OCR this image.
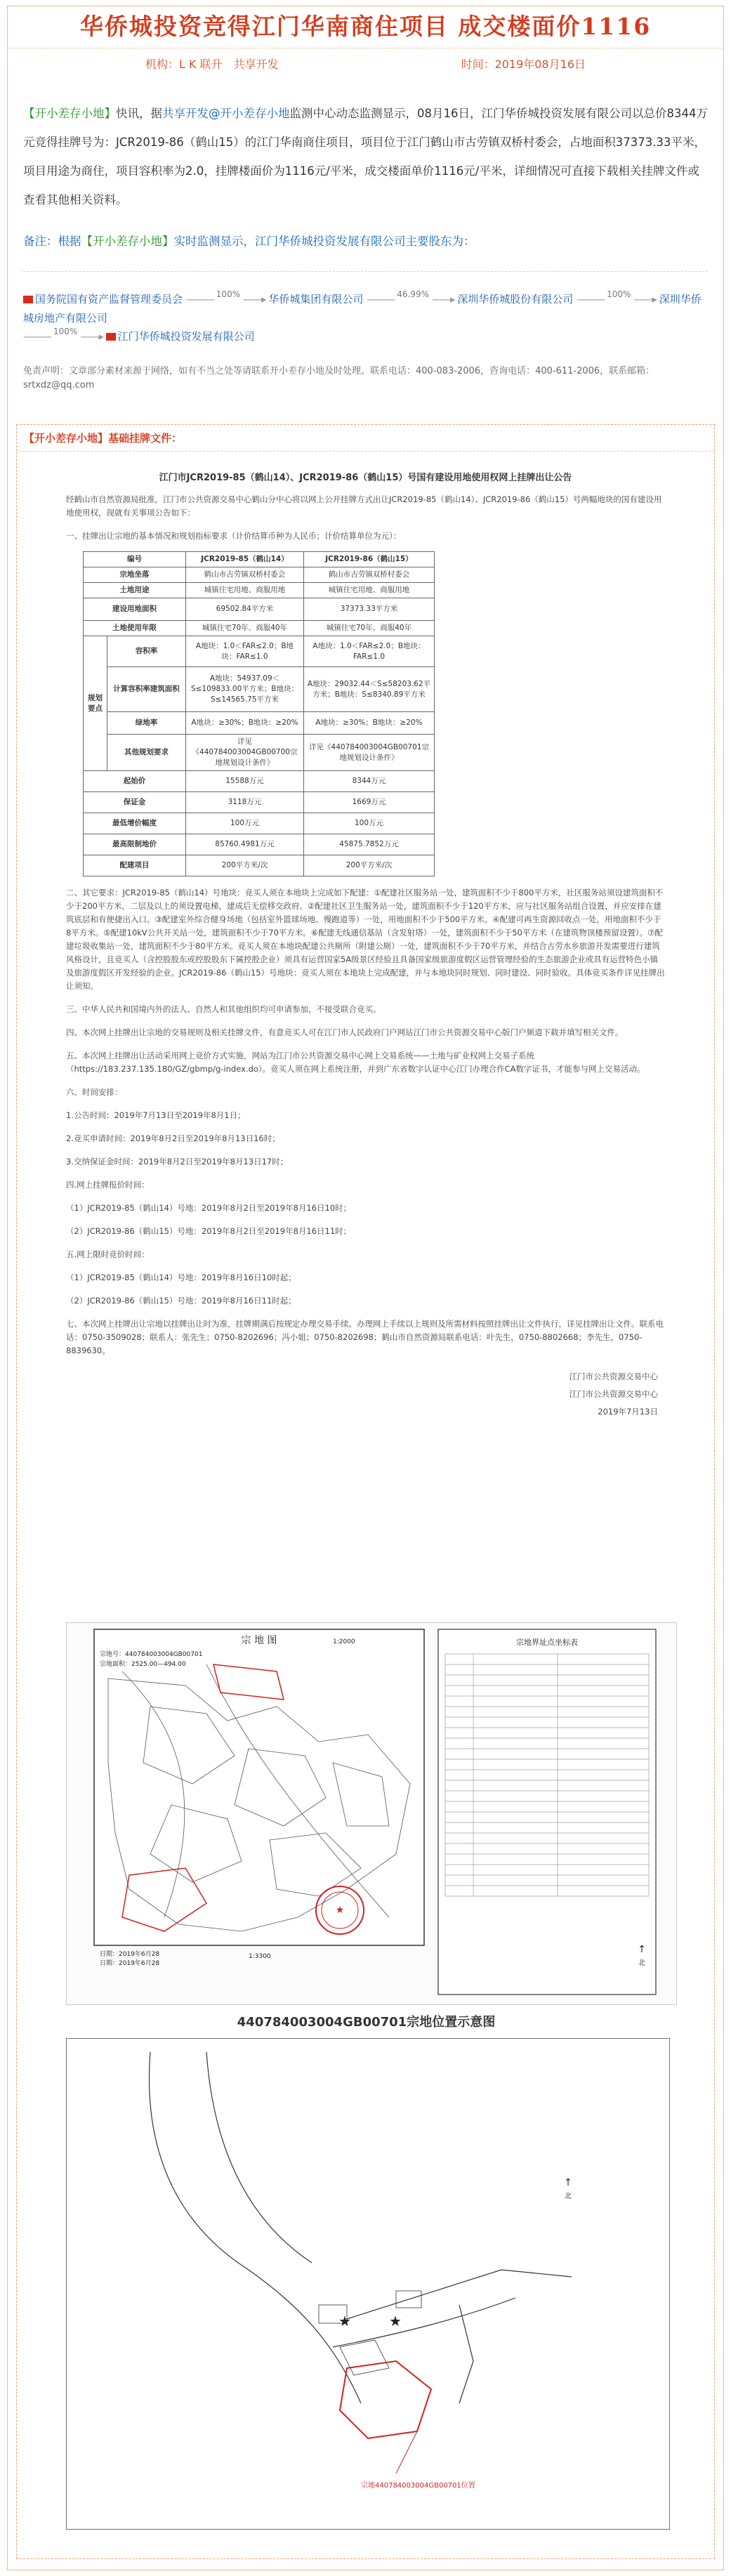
华侨城投资竞得江门华南商住项目 成交楼面价1116
机构：L K 联升　共享开发	时间：2019年08月16日
【开小差存小地】快讯，据共享开发@开小差存小地监测中心动态监测显示，08月16日，江门华侨城投资发展有限公司以总价8344万元竞得挂牌号为：JCR2019-86（鹤山15）的江门华南商住项目，项目位于江门鹤山市古劳镇双桥村委会，占地面积37373.33平米，项目用途为商住，项目容积率为2.0，挂牌楼面价为1116元/平米，成交楼面单价1116元/平米，详细情况可直接下载相关挂牌文件或查看其他相关资料。
备注：根据【开小差存小地】实时监测显示，江门华侨城投资发展有限公司主要股东为：
国务院国有资产监督管理委员会 ——— 100% ——▸ 华侨城集团有限公司 ——— 46.99% ——▸ 深圳华侨城股份有限公司 ——— 100% ——▸ 深圳华侨城房地产有限公司
——— 100% ——▸ 江门华侨城投资发展有限公司
免责声明：文章部分素材来源于网络，如有不当之处等请联系开小差存小地及时处理。联系电话：400-083-2006，咨询电话：400-611-2006，联系邮箱：srtxdz@qq.com
【开小差存小地】基础挂牌文件：
江门市JCR2019-85（鹤山14）、JCR2019-86（鹤山15）号国有建设用地使用权网上挂牌出让公告
经鹤山市自然资源局批准，江门市公共资源交易中心鹤山分中心将以网上公开挂牌方式出让JCR2019-85（鹤山14）、JCR2019-86（鹤山15）号两幅地块的国有建设用地使用权，现就有关事项公告如下：
一、挂牌出让宗地的基本情况和规划指标要求（计价结算币种为人民币；计价结算单位为元）：
编号		JCR2019-85（鹤山14）	JCR2019-86（鹤山15）
宗地坐落		鹤山市古劳镇双桥村委会	鹤山市古劳镇双桥村委会
土地用途		城镇住宅用地、商服用地	城镇住宅用地、商服用地
建设用地面积		69502.84平方米	37373.33平方米
土地使用年限		城镇住宅70年、商服40年	城镇住宅70年、商服40年
规划要点	容积率	A地块：1.0＜FAR≤2.0；B地块：FAR≤1.0	A地块：1.0＜FAR≤2.0；B地块：FAR≤1.0
	计算容积率建筑面积	A地块：54937.09＜S≤109833.00平方米；B地块：S≤14565.75平方米	A地块：29032.44＜S≤58203.62平方米；B地块：S≤8340.89平方米
	绿地率	A地块：≥30%；B地块：≥20%	A地块：≥30%；B地块：≥20%
	其他规划要求	详见《440784003004GB00700宗地规划设计条件》	详见《440784003004GB00701宗地规划设计条件》
起始价		15588万元	8344万元
保证金		3118万元	1669万元
最低增价幅度		100万元	100万元
最高限制地价		85760.4981万元	45875.7852万元
配建项目		200平方米/次	200平方米/次
二、其它要求：JCR2019-85（鹤山14）号地块：竞买人须在本地块上完成如下配建：①配建社区服务站一处，建筑面积不少于800平方米，社区服务站须设建筑面积不少于200平方米，二层及以上的须设置电梯，建成后无偿移交政府。②配建社区卫生服务站一处，建筑面积不少于120平方米，应与社区服务站组合设置，并应安排在建筑底层和有便捷出入口。③配建室外综合健身场地（包括室外篮球场地、慢跑道等）一处，用地面积不少于500平方米。④配建可再生资源回收点一处，用地面积不少于8平方米。⑤配建10kV公共开关站一处，建筑面积不少于70平方米。⑥配建无线通信基站（含发射塔）一处，建筑面积不少于50平方米（在建筑物顶楼预留设置）。⑦配建垃圾收集站一处，建筑面积不少于80平方米。竞买人须在本地块配建公共厕所（附建公厕）一处，建筑面积不少于70平方米，并结合古劳水乡旅游开发需要进行建筑风格设计，且竞买人（含控股股东或控股股东下属控股企业）须具有运营国家5A级景区经验且具备国家级旅游度假区运营管理经验的生态旅游企业或具有运营特色小镇及旅游度假区开发经验的企业。JCR2019-86（鹤山15）号地块：竞买人须在本地块上完成配建，并与本地块同时规划、同时建设、同时验收。具体竞买条件详见挂牌出让须知。
三、中华人民共和国境内外的法人、自然人和其他组织均可申请参加，不接受联合竞买。
四、本次网上挂牌出让宗地的交易规则及相关挂牌文件，有意竞买人可在江门市人民政府门户网站江门市公共资源交易中心版门户频道下载并填写相关文件。
五、本次网上挂牌出让活动采用网上竞价方式实施，网站为江门市公共资源交易中心网上交易系统——土地与矿业权网上交易子系统（https://183.237.135.180/GZ/gbmp/g-index.do）。竞买人须在网上系统注册，并到广东省数字认证中心江门办理合作CA数字证书，才能参与网上交易活动。
六、时间安排：
1.公告时间：2019年7月13日至2019年8月1日；
2.竞买申请时间：2019年8月2日至2019年8月13日16时；
3.交纳保证金时间：2019年8月2日至2019年8月13日17时；
四.网上挂牌报价时间：
（1）JCR2019-85（鹤山14）号地：2019年8月2日至2019年8月16日10时；
（2）JCR2019-86（鹤山15）号地：2019年8月2日至2019年8月16日11时；
五.网上限时竞价时间：
（1）JCR2019-85（鹤山14）号地：2019年8月16日10时起；
（2）JCR2019-86（鹤山15）号地：2019年8月16日11时起；
七、本次网上挂牌出让宗地以挂牌出让时为准，挂牌期满后按规定办理交易手续。办理网上手续以上规则及所需材料按照挂牌出让文件执行，详见挂牌出让文件。联系电话：0750-3509028；联系人：张先生；0750-8202696；冯小姐；0750-8202698；鹤山市自然资源局联系电话：叶先生，0750-8802668；李先生，0750-8839630。
江门市公共资源交易中心
江门市公共资源交易中心
2019年7月13日
宗 地 图	1:2000
宗地号：440784003004GB00701
宗地面积：2525.00—494.00
★
日期：2019年6月28
日期：2019年6月28
1:3300
宗地界址点坐标表
↑
北
440784003004GB00701宗地位置示意图
★	★
宗地440784003004GB00701位置
↑
北
